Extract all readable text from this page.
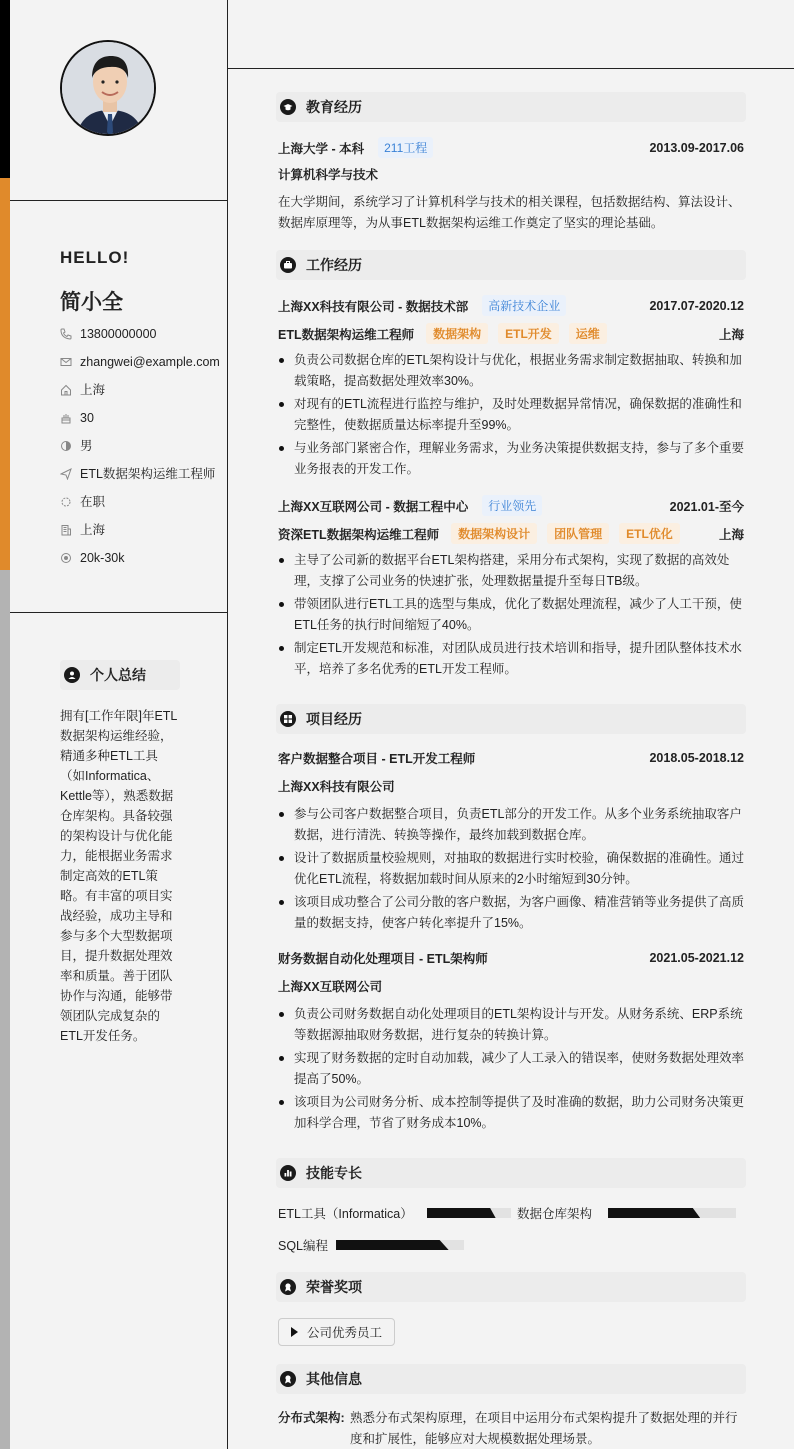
HELLO!
简小全
13800000000
zhangwei@example.com
上海
30
男
ETL数据架构运维工程师
在职
上海
20k-30k
个人总结
拥有[工作年限]年ETL数据架构运维经验，精通多种ETL工具（如Informatica、Kettle等），熟悉数据仓库架构。具备较强的架构设计与优化能力，能根据业务需求制定高效的ETL策略。有丰富的项目实战经验，成功主导和参与多个大型数据项目，提升数据处理效率和质量。善于团队协作与沟通，能够带领团队完成复杂的ETL开发任务。
教育经历
上海大学 - 本科	211工程	2013.09-2017.06
计算机科学与技术
在大学期间，系统学习了计算机科学与技术的相关课程，包括数据结构、算法设计、数据库原理等，为从事ETL数据架构运维工作奠定了坚实的理论基础。
工作经历
上海XX科技有限公司 - 数据技术部	高新技术企业	2017.07-2020.12
ETL数据架构运维工程师	数据架构	ETL开发	运维	上海
负责公司数据仓库的ETL架构设计与优化，根据业务需求制定数据抽取、转换和加载策略，提高数据处理效率30%。
对现有的ETL流程进行监控与维护，及时处理数据异常情况，确保数据的准确性和完整性，使数据质量达标率提升至99%。
与业务部门紧密合作，理解业务需求，为业务决策提供数据支持，参与了多个重要业务报表的开发工作。
上海XX互联网公司 - 数据工程中心	行业领先	2021.01-至今
资深ETL数据架构运维工程师	数据架构设计	团队管理	ETL优化	上海
主导了公司新的数据平台ETL架构搭建，采用分布式架构，实现了数据的高效处理，支撑了公司业务的快速扩张，处理数据量提升至每日TB级。
带领团队进行ETL工具的选型与集成，优化了数据处理流程，减少了人工干预，使ETL任务的执行时间缩短了40%。
制定ETL开发规范和标准，对团队成员进行技术培训和指导，提升团队整体技术水平，培养了多名优秀的ETL开发工程师。
项目经历
客户数据整合项目 - ETL开发工程师	2018.05-2018.12
上海XX科技有限公司
参与公司客户数据整合项目，负责ETL部分的开发工作。从多个业务系统抽取客户数据，进行清洗、转换等操作，最终加载到数据仓库。
设计了数据质量校验规则，对抽取的数据进行实时校验，确保数据的准确性。通过优化ETL流程，将数据加载时间从原来的2小时缩短到30分钟。
该项目成功整合了公司分散的客户数据，为客户画像、精准营销等业务提供了高质量的数据支持，使客户转化率提升了15%。
财务数据自动化处理项目 - ETL架构师	2021.05-2021.12
上海XX互联网公司
负责公司财务数据自动化处理项目的ETL架构设计与开发。从财务系统、ERP系统等数据源抽取财务数据，进行复杂的转换计算。
实现了财务数据的定时自动加载，减少了人工录入的错误率，使财务数据处理效率提高了50%。
该项目为公司财务分析、成本控制等提供了及时准确的数据，助力公司财务决策更加科学合理，节省了财务成本10%。
技能专长
ETL工具（Informatica）	数据仓库架构
SQL编程
荣誉奖项
公司优秀员工
其他信息
分布式架构: 熟悉分布式架构原理，在项目中运用分布式架构提升了数据处理的并行度和扩展性，能够应对大规模数据处理场景。
